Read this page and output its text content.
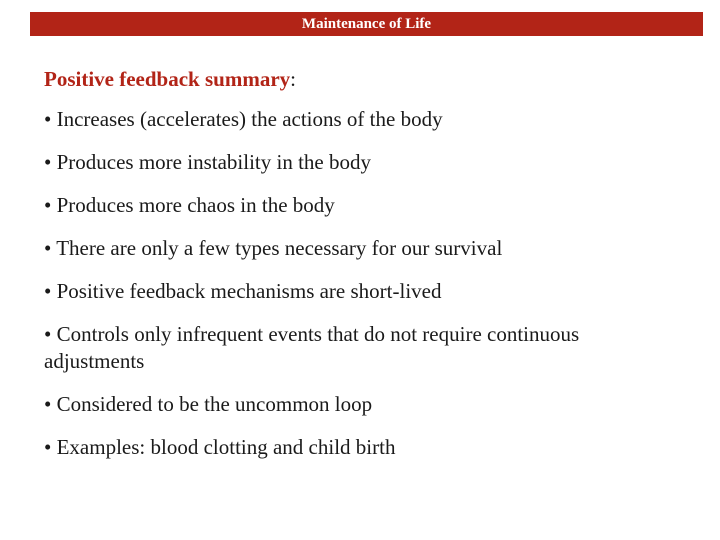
Maintenance of Life
Positive feedback summary:
• Increases (accelerates) the actions of the body
• Produces more instability in the body
• Produces more chaos in the body
• There are only a few types necessary for our survival
• Positive feedback mechanisms are short-lived
• Controls only infrequent events that do not require continuous adjustments
• Considered to be the uncommon loop
• Examples: blood clotting and child birth
